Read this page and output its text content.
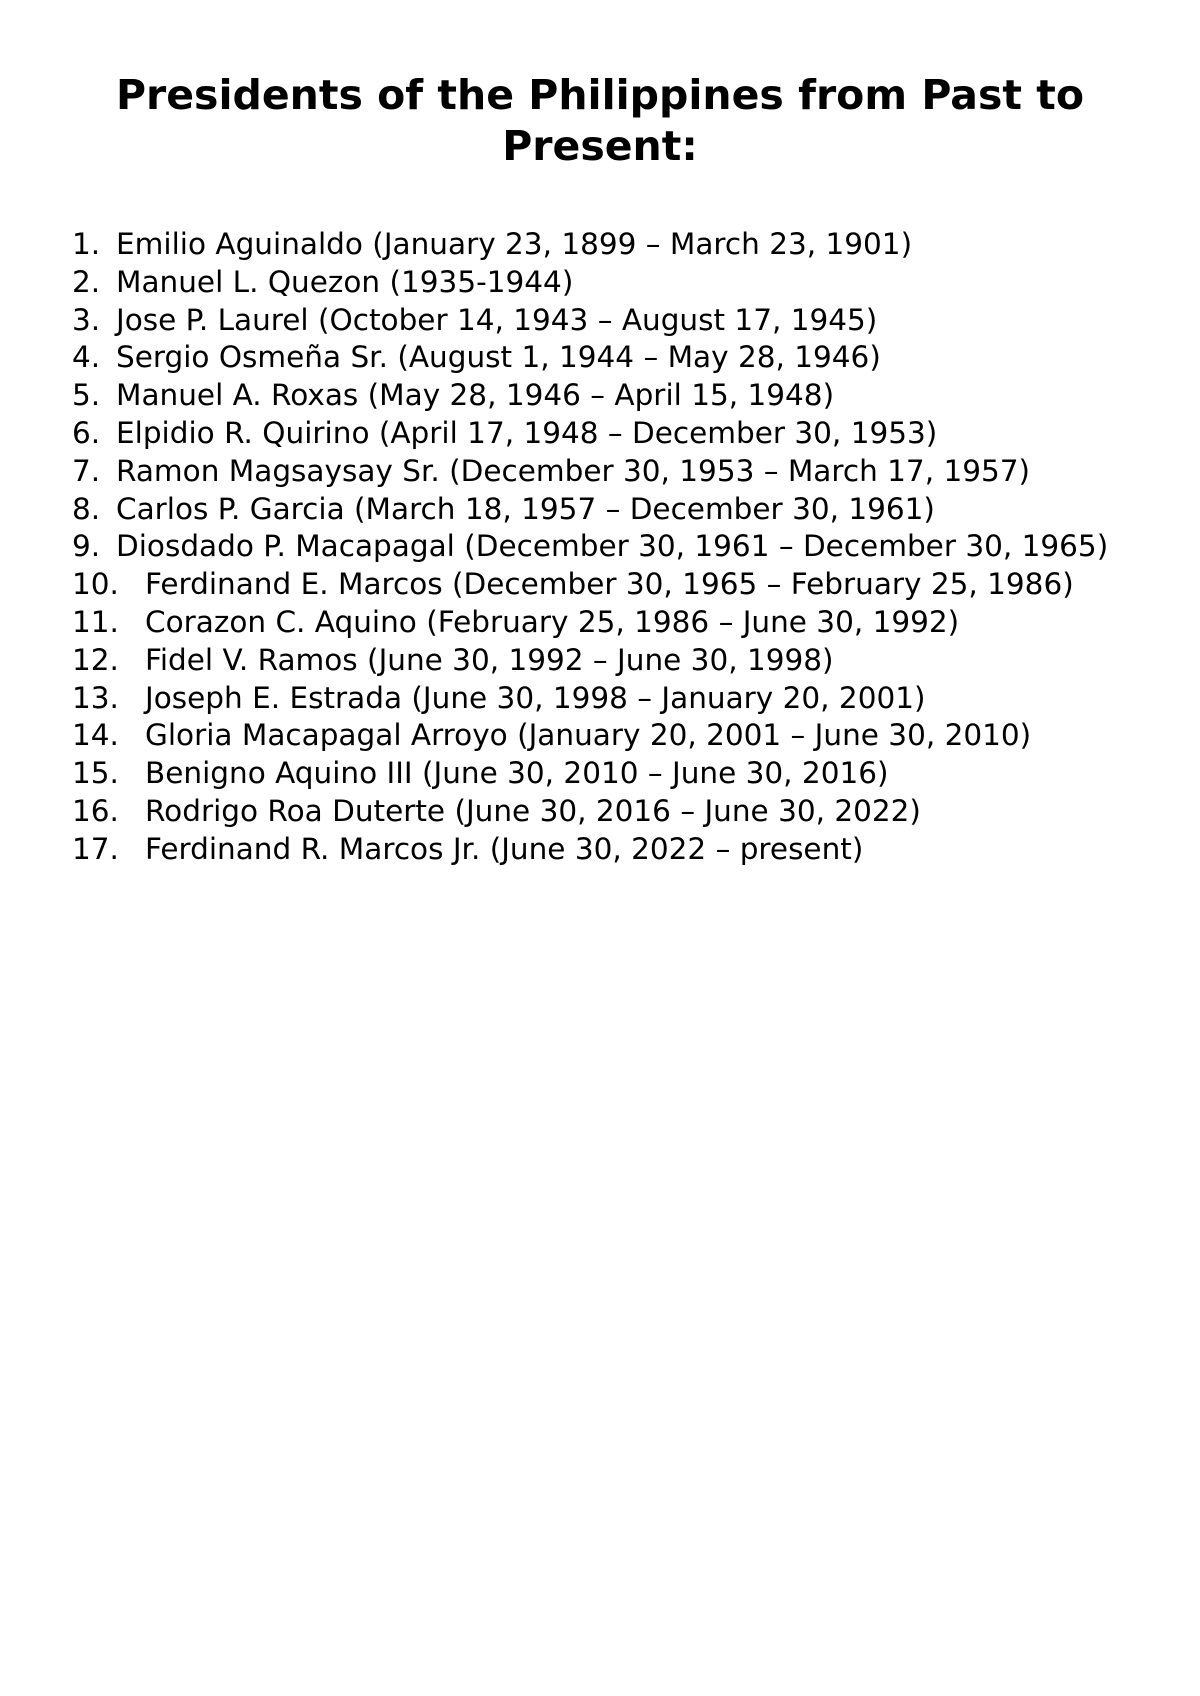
Presidents of the Philippines from Past to Present:
1. Emilio Aguinaldo (January 23, 1899 – March 23, 1901)
2. Manuel L. Quezon (1935-1944)
3. Jose P. Laurel (October 14, 1943 – August 17, 1945)
4. Sergio Osmeña Sr. (August 1, 1944 – May 28, 1946)
5. Manuel A. Roxas (May 28, 1946 – April 15, 1948)
6. Elpidio R. Quirino (April 17, 1948 – December 30, 1953)
7. Ramon Magsaysay Sr. (December 30, 1953 – March 17, 1957)
8. Carlos P. Garcia (March 18, 1957 – December 30, 1961)
9. Diosdado P. Macapagal (December 30, 1961 – December 30, 1965)
10. Ferdinand E. Marcos (December 30, 1965 – February 25, 1986)
11. Corazon C. Aquino (February 25, 1986 – June 30, 1992)
12. Fidel V. Ramos (June 30, 1992 – June 30, 1998)
13. Joseph E. Estrada (June 30, 1998 – January 20, 2001)
14. Gloria Macapagal Arroyo (January 20, 2001 – June 30, 2010)
15. Benigno Aquino III (June 30, 2010 – June 30, 2016)
16. Rodrigo Roa Duterte (June 30, 2016 – June 30, 2022)
17. Ferdinand R. Marcos Jr. (June 30, 2022 – present)
